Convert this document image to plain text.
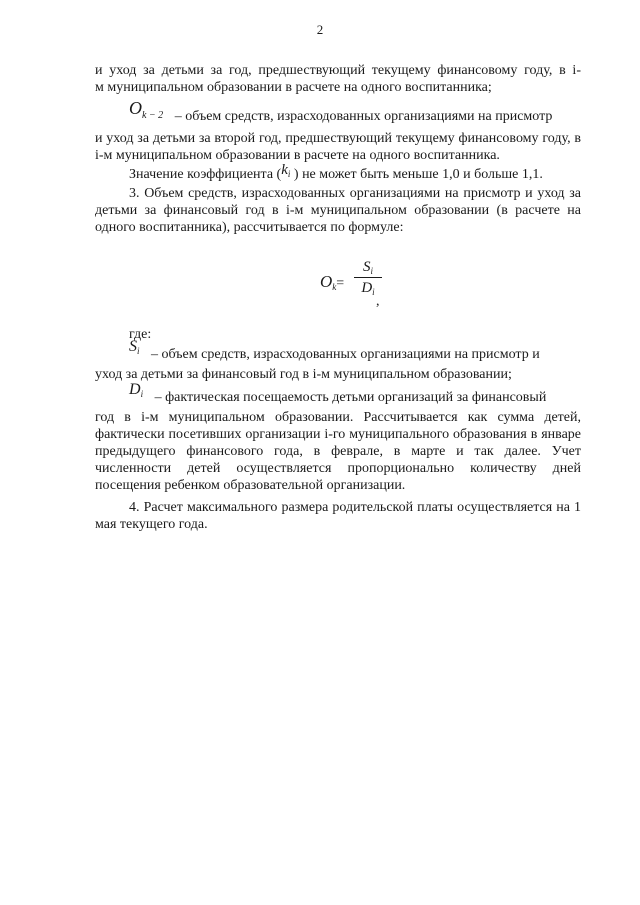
2
и уход за детьми за год, предшествующий текущему финансовому году, в i-
м муниципальном образовании в расчете на одного воспитанника;
$O_{k - 2}$ – объем средств, израсходованных организациями на присмотр
и уход за детьми за второй год, предшествующий текущему финансовому году, в i-м муниципальном образовании в расчете на одного воспитанника.
Значение коэффициента ($k_i$ ) не может быть меньше 1,0 и больше 1,1.
3. Объем средств, израсходованных организациями на присмотр и уход за детьми за финансовый год в i-м муниципальном образовании (в расчете на одного воспитанника), рассчитывается по формуле:
$O_k=$
$S_i$
$D_i$
,
где:
$S_i$ – объем средств, израсходованных организациями на присмотр и
уход за детьми за финансовый год в i-м муниципальном образовании;
$D_i$ – фактическая посещаемость детьми организаций за финансовый
год в i-м муниципальном образовании. Рассчитывается как сумма детей, фактически посетивших организации i-го муниципального образования в январе предыдущего финансового года, в феврале, в марте и так далее. Учет численности детей осуществляется пропорционально количеству дней посещения ребенком образовательной организации.
4. Расчет максимального размера родительской платы осуществляется на 1 мая текущего года.
